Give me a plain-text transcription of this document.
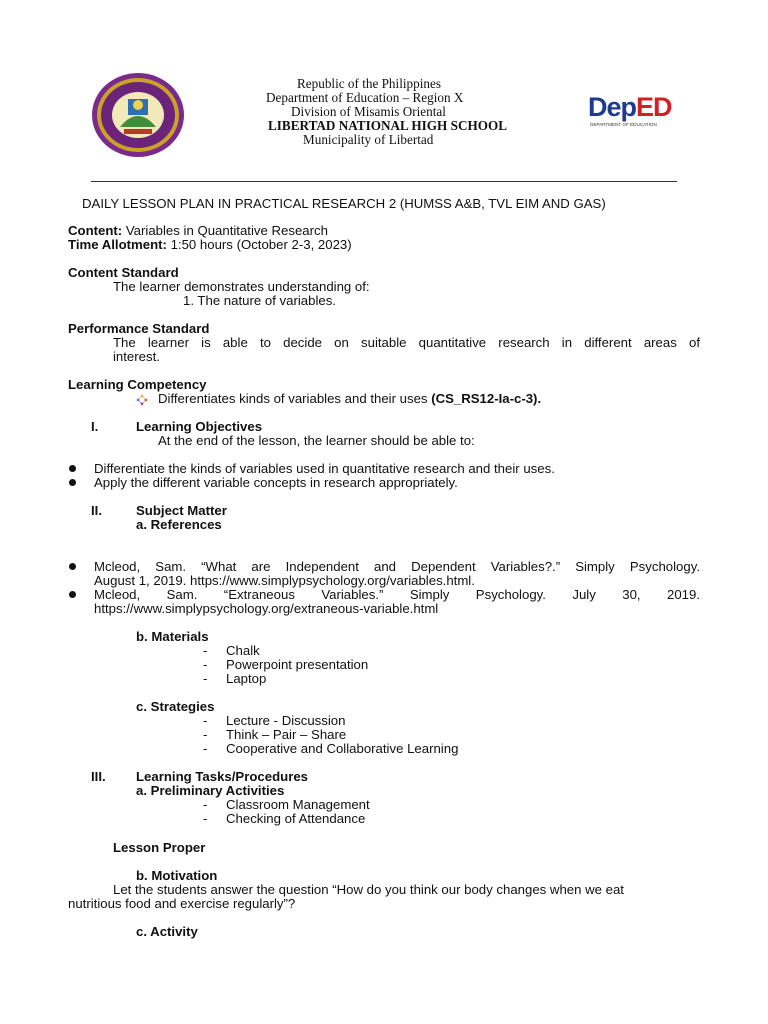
Republic of the Philippines
Department of Education – Region X
Division of Misamis Oriental
LIBERTAD NATIONAL HIGH SCHOOL
Municipality of Libertad
DepED
DEPARTMENT OF EDUCATION
DAILY LESSON PLAN IN PRACTICAL RESEARCH 2 (HUMSS A&B, TVL EIM AND GAS)
Content: Variables in Quantitative Research
Time Allotment: 1:50 hours (October 2-3, 2023)
Content Standard
The learner demonstrates understanding of:
1. The nature of variables.
Performance Standard
The learner is able to decide on suitable quantitative research in different areas of
interest.
Learning Competency
Differentiates kinds of variables and their uses (CS_RS12-Ia-c-3).
I.	Learning Objectives
At the end of the lesson, the learner should be able to:
Differentiate the kinds of variables used in quantitative research and their uses.
Apply the different variable concepts in research appropriately.
II.	Subject Matter
a. References
Mcleod, Sam. “What are Independent and Dependent Variables?.” Simply Psychology.
August 1, 2019. https://www.simplypsychology.org/variables.html.
Mcleod, Sam. “Extraneous Variables.” Simply Psychology. July 30, 2019.
https://www.simplypsychology.org/extraneous-variable.html
b. Materials
- Chalk
- Powerpoint presentation
- Laptop
c. Strategies
- Lecture - Discussion
- Think – Pair – Share
- Cooperative and Collaborative Learning
III. Learning Tasks/Procedures
a. Preliminary Activities
- Classroom Management
- Checking of Attendance
Lesson Proper
b. Motivation
Let the students answer the question “How do you think our body changes when we eat
nutritious food and exercise regularly”?
c. Activity
